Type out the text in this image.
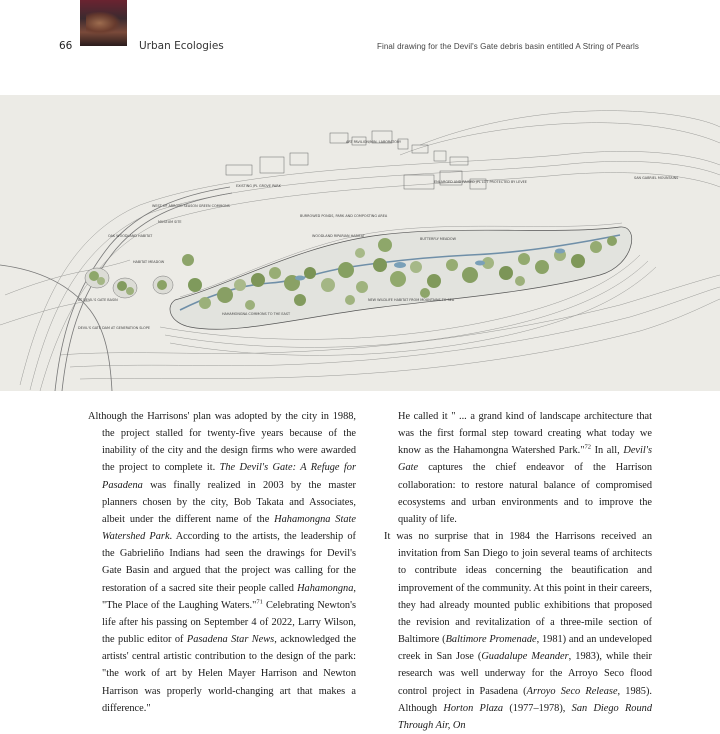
66	Urban Ecologies	Final drawing for the Devil's Gate debris basin entitled A String of Pearls
ART PAVILION/MIN. LABORATORY
EXISTING JPL GROVE PARK
WEST OF ARROYO SEASON GREEN COMMONS
MUSEUM SITE
ENLARGED AND RAISED JPL LOT PROTECTED BY LEVEE
BURROWED PONDS, PARK AND COMPOSTING AREA
WOODLAND RIPARIAN HABITAT
BUTTERFLY MEADOW
OAK WOODLAND HABITAT
HABITAT MEADOW
AT DEVIL'S GATE BASIN	NEW WILDLIFE HABITAT FROM MOUNTAINS TO SEA
HAHAMONGNA COMMONS TO THE EAST
DEVIL'S GATE DAM AT GENERATION SLOPE
SAN GABRIEL MOUNTAINS

Although the Harrisons' plan was adopted by the city in 1988, the project stalled for twenty-five years because of the inability of the city and the design firms who were awarded the project to complete it. The Devil's Gate: A Refuge for Pasadena was finally realized in 2003 by the master planners chosen by the city, Bob Takata and Associates, albeit under the different name of the Hahamongna State Watershed Park. According to the artists, the leadership of the Gabrieliño Indians had seen the drawings for Devil's Gate Basin and argued that the project was calling for the restoration of a sacred site their people called Hahamongna, "The Place of the Laughing Waters."$^{71}$ Celebrating Newton's life after his passing on September 4 of 2022, Larry Wilson, the public editor of Pasadena Star News, acknowledged the artists' central artistic contribution to the design of the park: "the work of art by Helen Mayer Harrison and Newton Harrison was properly world-changing art that makes a difference."

He called it " ... a grand kind of landscape architecture that was the first formal step toward creating what today we know as the Hahamongna Watershed Park."$^{72}$ In all, Devil's Gate captures the chief endeavor of the Harrison collaboration: to restore natural balance of compromised ecosystems and urban environments and to improve the quality of life.

It was no surprise that in 1984 the Harrisons received an invitation from San Diego to join several teams of architects to contribute ideas concerning the beautification and improvement of the community. At this point in their careers, they had already mounted public exhibitions that proposed the revision and revitalization of a three-mile section of Baltimore (Baltimore Promenade, 1981) and an undeveloped creek in San Jose (Guadalupe Meander, 1983), while their research was well underway for the Arroyo Seco flood control project in Pasadena (Arroyo Seco Release, 1985). Although Horton Plaza (1977–1978), San Diego Round Through Air, On
